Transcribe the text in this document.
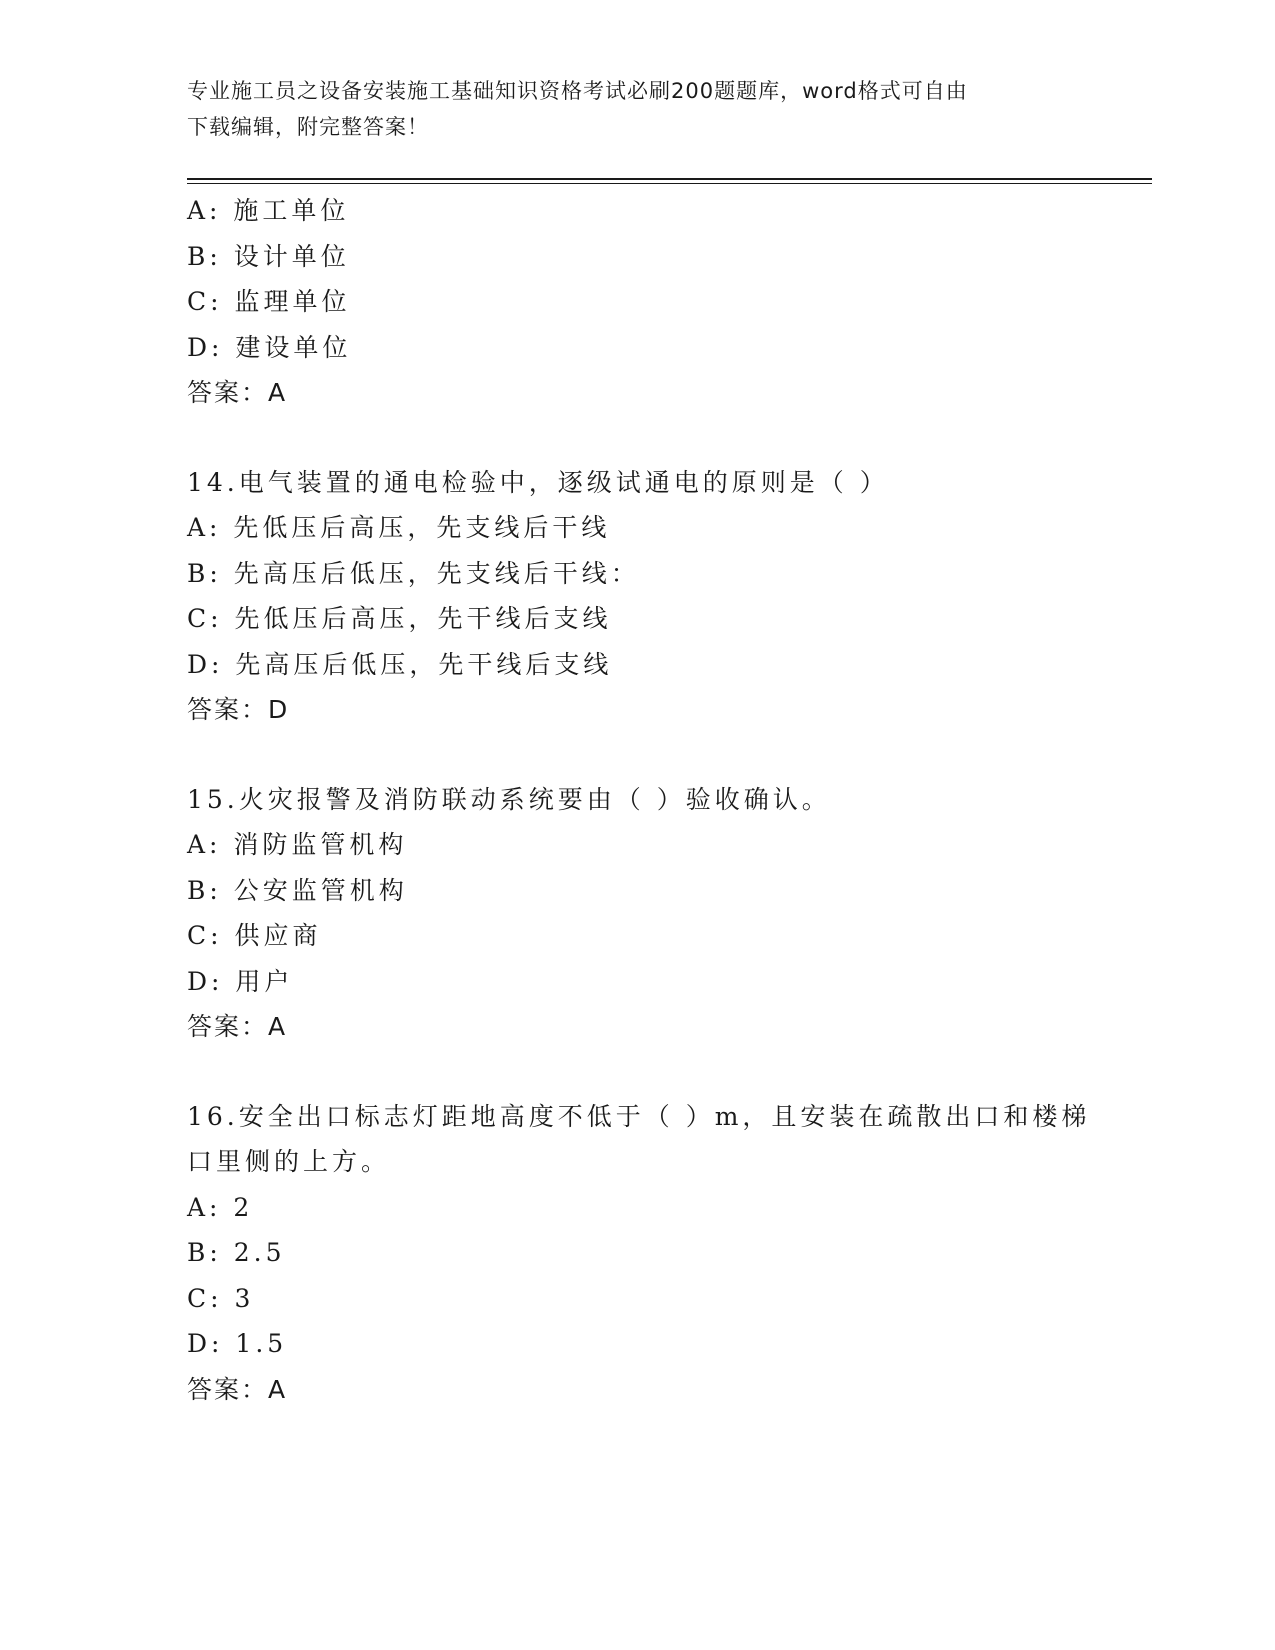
专业施工员之设备安装施工基础知识资格考试必刷200题题库，word格式可自由
下载编辑，附完整答案！
A: 施工单位
B: 设计单位
C: 监理单位
D: 建设单位
答案：A
14.电气装置的通电检验中，逐级试通电的原则是（ ）
A: 先低压后高压，先支线后干线
B: 先高压后低压，先支线后干线：
C: 先低压后高压，先干线后支线
D: 先高压后低压，先干线后支线
答案：D
15.火灾报警及消防联动系统要由（ ）验收确认。
A: 消防监管机构
B: 公安监管机构
C: 供应商
D: 用户
答案：A
16.安全出口标志灯距地高度不低于（ ）m，且安装在疏散出口和楼梯
口里侧的上方。
A: 2
B: 2.5
C: 3
D: 1.5
答案：A
